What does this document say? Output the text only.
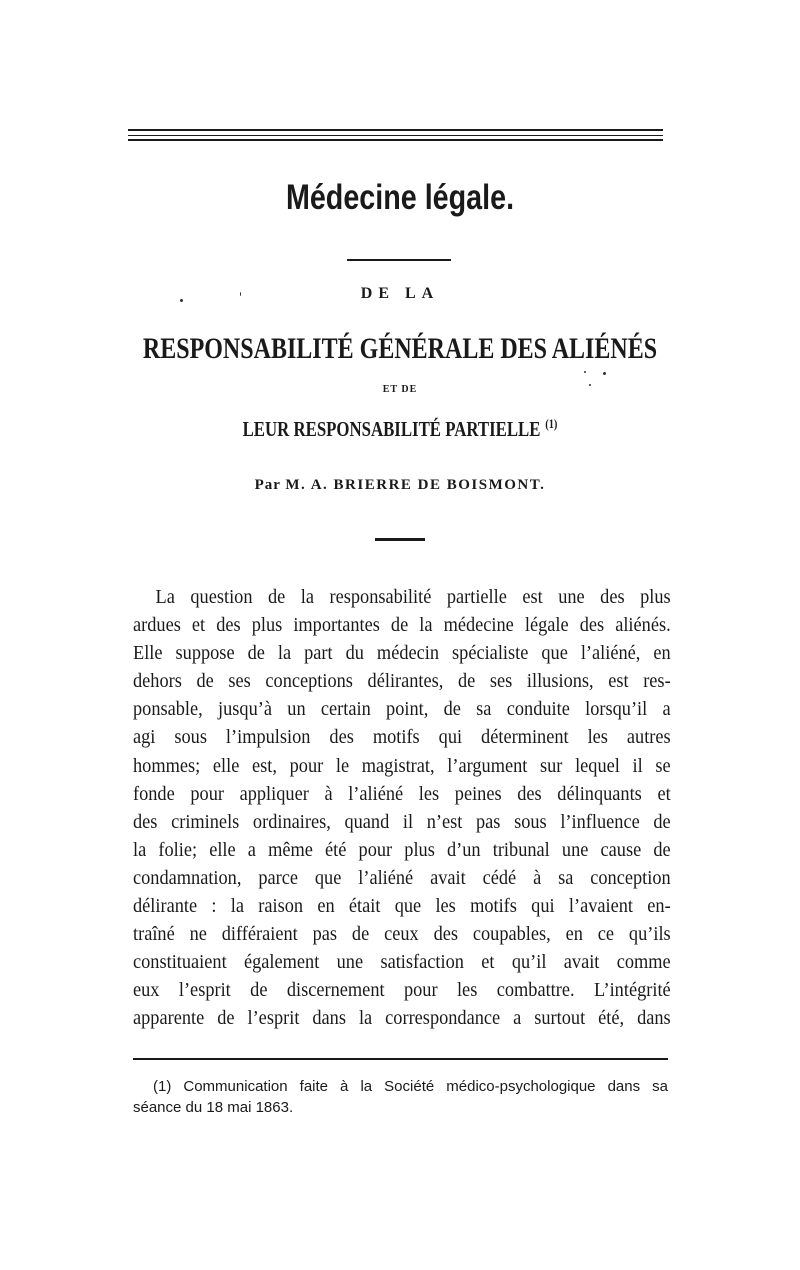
Médecine légale.
DE LA
RESPONSABILITÉ GÉNÉRALE DES ALIÉNÉS
ET DE
LEUR RESPONSABILITÉ PARTIELLE $^{(1)}$
Par M. A. BRIERRE DE BOISMONT.
La question de la responsabilité partielle est une des plus
ardues et des plus importantes de la médecine légale des aliénés.
Elle suppose de la part du médecin spécialiste que l’aliéné, en
dehors de ses conceptions délirantes, de ses illusions, est res-
ponsable, jusqu’à un certain point, de sa conduite lorsqu’il a
agi sous l’impulsion des motifs qui déterminent les autres
hommes; elle est, pour le magistrat, l’argument sur lequel il se
fonde pour appliquer à l’aliéné les peines des délinquants et
des criminels ordinaires, quand il n’est pas sous l’influence de
la folie; elle a même été pour plus d’un tribunal une cause de
condamnation, parce que l’aliéné avait cédé à sa conception
délirante : la raison en était que les motifs qui l’avaient en-
traîné ne différaient pas de ceux des coupables, en ce qu’ils
constituaient également une satisfaction et qu’il avait comme
eux l’esprit de discernement pour les combattre. L’intégrité
apparente de l’esprit dans la correspondance a surtout été, dans
(1) Communication faite à la Société médico-psychologique dans sa
séance du 18 mai 1863.
